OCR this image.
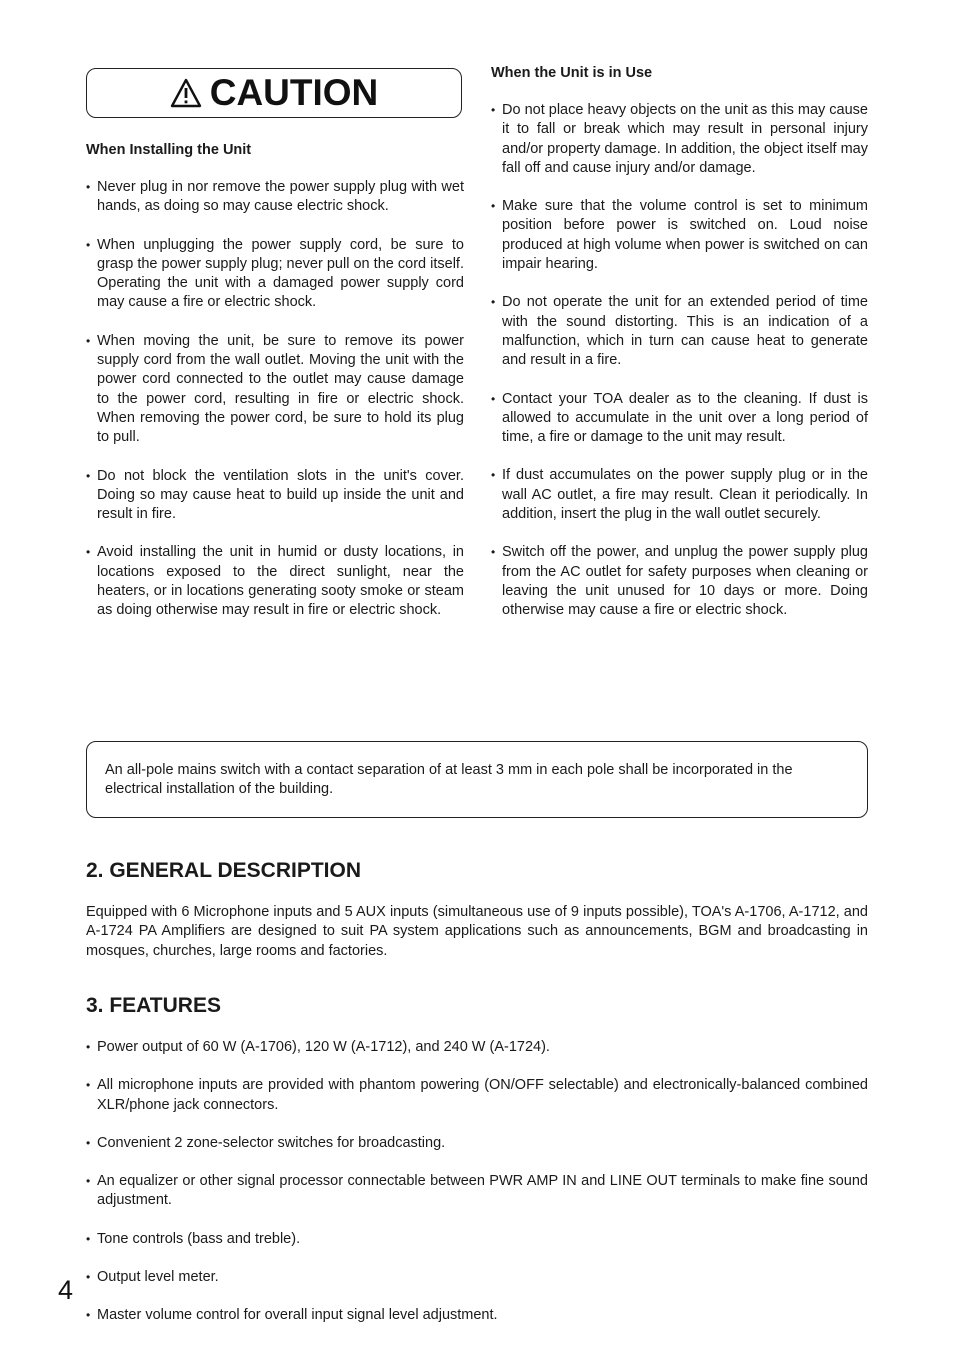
CAUTION
When Installing the Unit
• Never plug in nor remove the power supply plug with wet hands, as doing so may cause electric shock.
• When unplugging the power supply cord, be sure to grasp the power supply plug; never pull on the cord itself. Operating the unit with a damaged power supply cord may cause a fire or electric shock.
• When moving the unit, be sure to remove its power supply cord from the wall outlet. Moving the unit with the power cord connected to the outlet may cause damage to the power cord, resulting in fire or electric shock. When removing the power cord, be sure to hold its plug to pull.
• Do not block the ventilation slots in the unit's cover. Doing so may cause heat to build up inside the unit and result in fire.
• Avoid installing the unit in humid or dusty locations, in locations exposed to the direct sunlight, near the heaters, or in locations generating sooty smoke or steam as doing otherwise may result in fire or electric shock.
When the Unit is in Use
• Do not place heavy objects on the unit as this may cause it to fall or break which may result in personal injury and/or property damage. In addition, the object itself may fall off and cause injury and/or damage.
• Make sure that the volume control is set to minimum position before power is switched on. Loud noise produced at high volume when power is switched on can impair hearing.
• Do not operate the unit for an extended period of time with the sound distorting. This is an indication of a malfunction, which in turn can cause heat to generate and result in a fire.
• Contact your TOA dealer as to the cleaning. If dust is allowed to accumulate in the unit over a long period of time, a fire or damage to the unit may result.
• If dust accumulates on the power supply plug or in the wall AC outlet, a fire may result. Clean it periodically. In addition, insert the plug in the wall outlet securely.
• Switch off the power, and unplug the power supply plug from the AC outlet for safety purposes when cleaning or leaving the unit unused for 10 days or more. Doing otherwise may cause a fire or electric shock.
An all-pole mains switch with a contact separation of at least 3 mm in each pole shall be incorporated in the electrical installation of the building.
2. GENERAL DESCRIPTION
Equipped with 6 Microphone inputs and 5 AUX inputs (simultaneous use of 9 inputs possible), TOA's A-1706, A-1712, and A-1724 PA Amplifiers are designed to suit PA system applications such as announcements, BGM and broadcasting in mosques, churches, large rooms and factories.
3. FEATURES
• Power output of 60 W (A-1706), 120 W (A-1712), and 240 W (A-1724).
• All microphone inputs are provided with phantom powering (ON/OFF selectable) and electronically-balanced combined XLR/phone jack connectors.
• Convenient 2 zone-selector switches for broadcasting.
• An equalizer or other signal processor connectable between PWR AMP IN and LINE OUT terminals to make fine sound adjustment.
• Tone controls (bass and treble).
• Output level meter.
• Master volume control for overall input signal level adjustment.
4
